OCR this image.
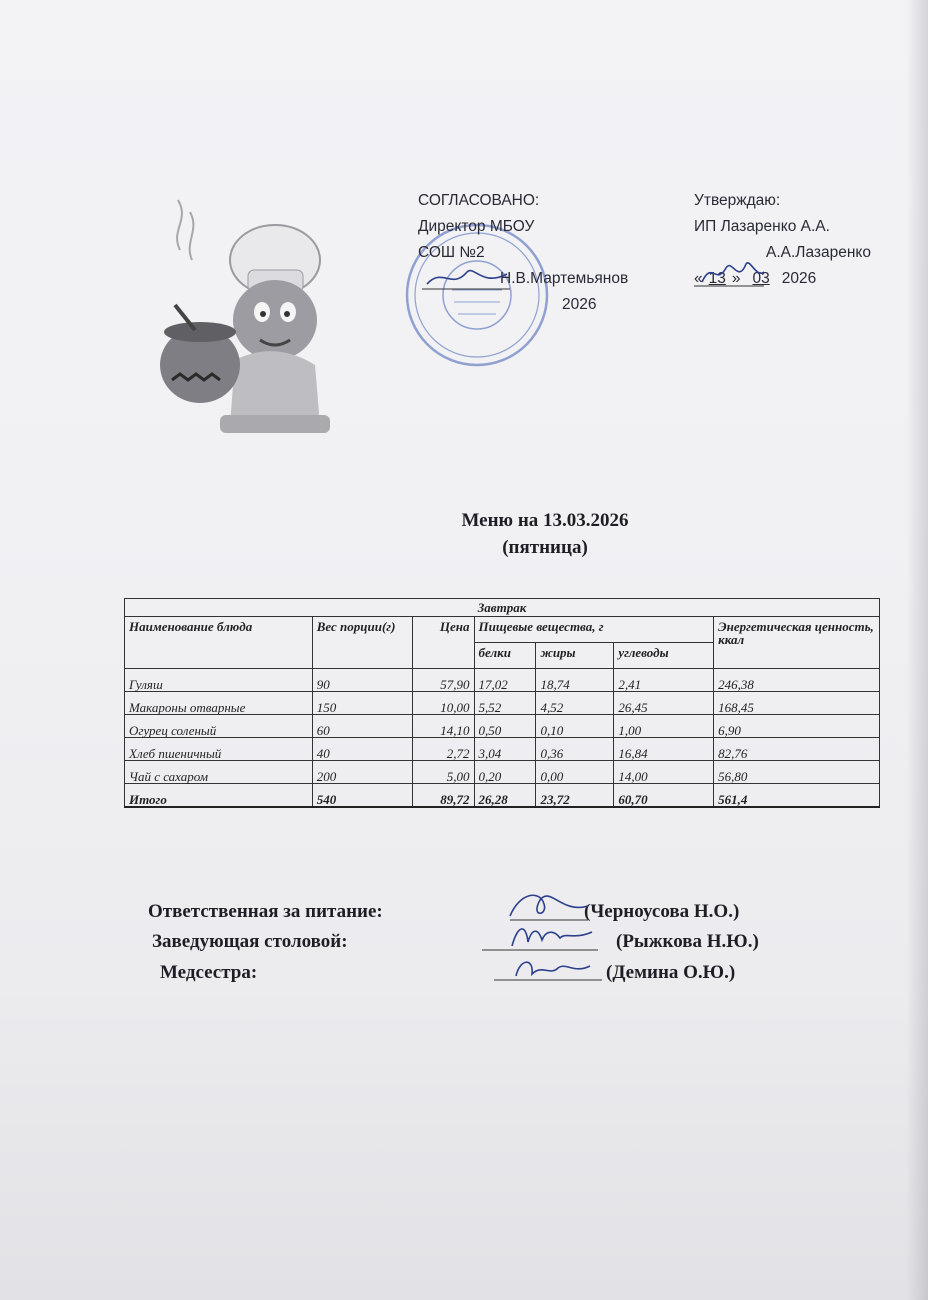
СОГЛАСОВАНО:
Директор МБОУ
СОШ №2
Н.В.Мартемьянов
2026
Утверждаю:
ИП Лазаренко А.А.
А.А.Лазаренко
« 13 » 03 2026
Меню на 13.03.2026
(пятница)
Завтрак						
Наименование блюда	Вес порции(г)	Цена	Пищевые вещества, г			Энергетическая ценность, ккал
			белки	жиры	углеводы	
Гуляш	90	57,90	17,02	18,74	2,41	246,38
Макароны отварные	150	10,00	5,52	4,52	26,45	168,45
Огурец соленый	60	14,10	0,50	0,10	1,00	6,90
Хлеб пшеничный	40	2,72	3,04	0,36	16,84	82,76
Чай с сахаром	200	5,00	0,20	0,00	14,00	56,80
Итого	540	89,72	26,28	23,72	60,70	561,4
Ответственная за питание:	(Черноусова Н.О.)
Заведующая столовой:	(Рыжкова Н.Ю.)
Медсестра:	(Демина О.Ю.)
